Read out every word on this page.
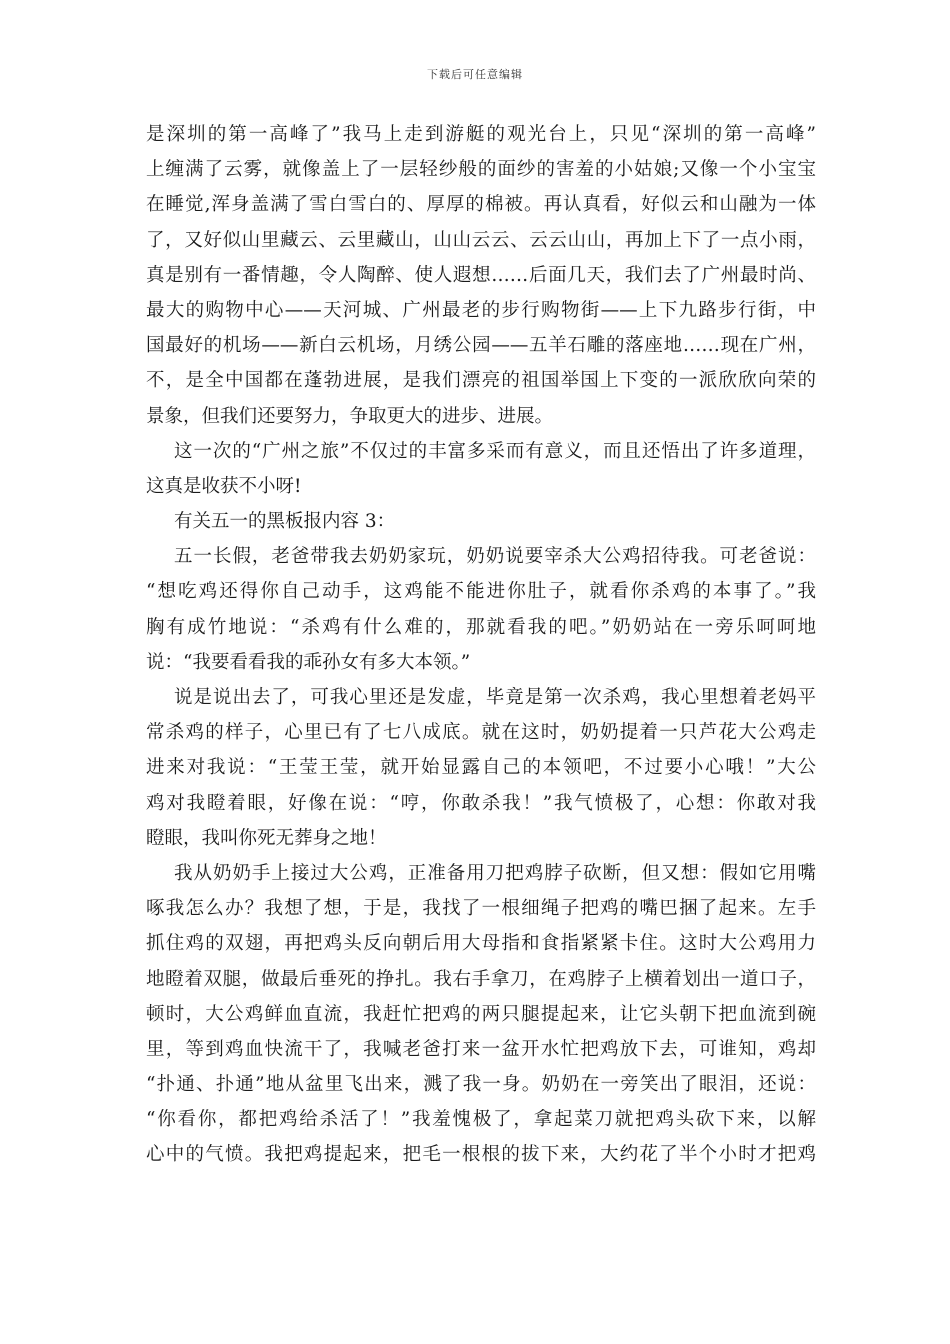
下载后可任意编辑
是深圳的第一高峰了”我马上走到游艇的观光台上，只见“深圳的第一高峰”
上缠满了云雾，就像盖上了一层轻纱般的面纱的害羞的小姑娘;又像一个小宝宝
在睡觉,浑身盖满了雪白雪白的、厚厚的棉被。再认真看，好似云和山融为一体
了，又好似山里藏云、云里藏山，山山云云、云云山山，再加上下了一点小雨，
真是别有一番情趣，令人陶醉、使人遐想……后面几天，我们去了广州最时尚、
最大的购物中心——天河城、广州最老的步行购物街——上下九路步行街，中
国最好的机场——新白云机场，月绣公园——五羊石雕的落座地……现在广州，
不，是全中国都在蓬勃进展，是我们漂亮的祖国举国上下变的一派欣欣向荣的
景象，但我们还要努力，争取更大的进步、进展。
这一次的“广州之旅”不仅过的丰富多采而有意义，而且还悟出了许多道理，
这真是收获不小呀!
有关五一的黑板报内容 3：
五一长假，老爸带我去奶奶家玩，奶奶说要宰杀大公鸡招待我。可老爸说：
“想吃鸡还得你自己动手，这鸡能不能进你肚子，就看你杀鸡的本事了。”我
胸有成竹地说：“杀鸡有什么难的，那就看我的吧。”奶奶站在一旁乐呵呵地
说：“我要看看我的乖孙女有多大本领。”
说是说出去了，可我心里还是发虚，毕竟是第一次杀鸡，我心里想着老妈平
常杀鸡的样子，心里已有了七八成底。就在这时，奶奶提着一只芦花大公鸡走
进来对我说：“王莹王莹，就开始显露自己的本领吧，不过要小心哦！”大公
鸡对我瞪着眼，好像在说：“哼，你敢杀我！”我气愤极了，心想：你敢对我
瞪眼，我叫你死无葬身之地！
我从奶奶手上接过大公鸡，正准备用刀把鸡脖子砍断，但又想：假如它用嘴
啄我怎么办？我想了想，于是，我找了一根细绳子把鸡的嘴巴捆了起来。左手
抓住鸡的双翅，再把鸡头反向朝后用大母指和食指紧紧卡住。这时大公鸡用力
地瞪着双腿，做最后垂死的挣扎。我右手拿刀，在鸡脖子上横着划出一道口子，
顿时，大公鸡鲜血直流，我赶忙把鸡的两只腿提起来，让它头朝下把血流到碗
里，等到鸡血快流干了，我喊老爸打来一盆开水忙把鸡放下去，可谁知，鸡却
“扑通、扑通”地从盆里飞出来，溅了我一身。奶奶在一旁笑出了眼泪，还说：
“你看你，都把鸡给杀活了！”我羞愧极了，拿起菜刀就把鸡头砍下来，以解
心中的气愤。我把鸡提起来，把毛一根根的拔下来，大约花了半个小时才把鸡
